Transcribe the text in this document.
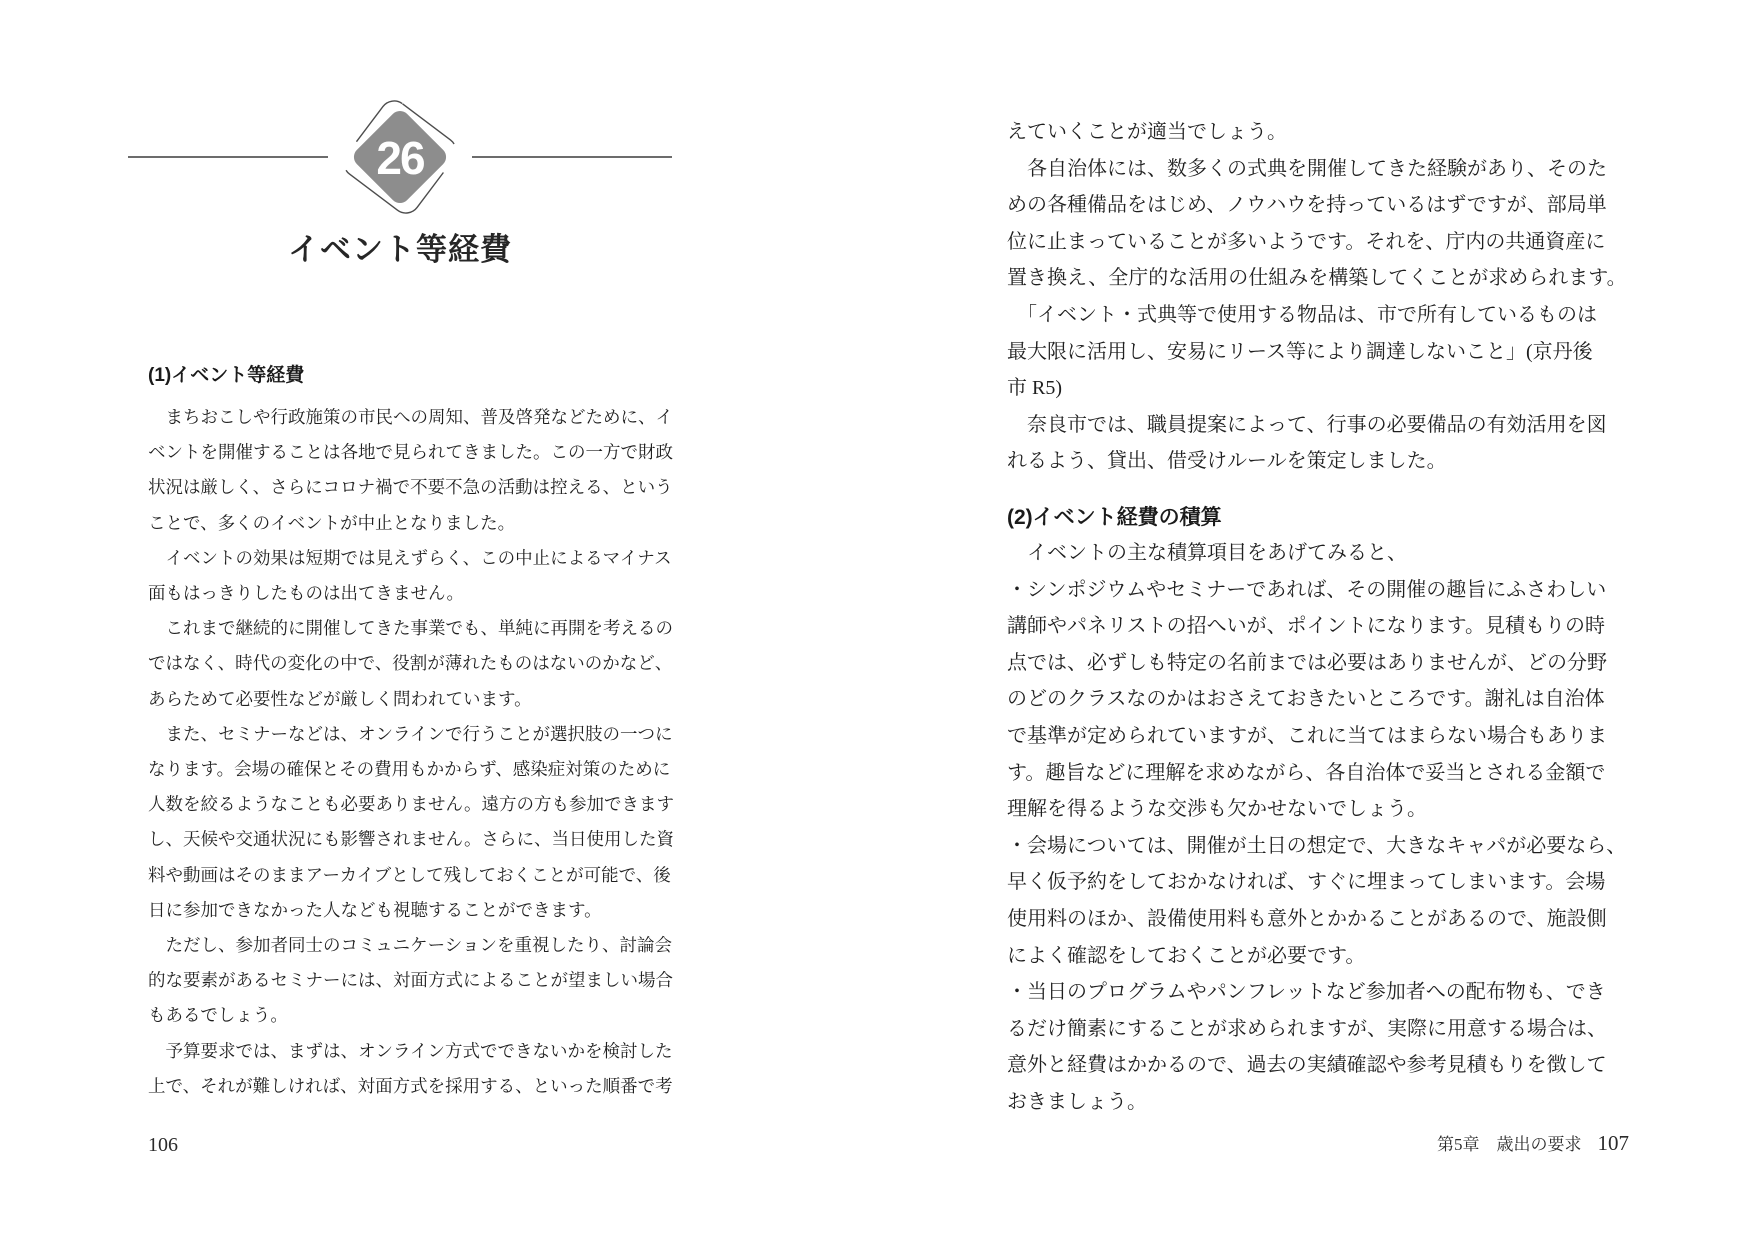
26
イベント等経費
(1)イベント等経費
　まちおこしや行政施策の市民への周知、普及啓発などために、イ
ベントを開催することは各地で見られてきました。この一方で財政
状況は厳しく、さらにコロナ禍で不要不急の活動は控える、という
ことで、多くのイベントが中止となりました。
　イベントの効果は短期では見えずらく、この中止によるマイナス
面もはっきりしたものは出てきません。
　これまで継続的に開催してきた事業でも、単純に再開を考えるの
ではなく、時代の変化の中で、役割が薄れたものはないのかなど、
あらためて必要性などが厳しく問われています。
　また、セミナーなどは、オンラインで行うことが選択肢の一つに
なります。会場の確保とその費用もかからず、感染症対策のために
人数を絞るようなことも必要ありません。遠方の方も参加できます
し、天候や交通状況にも影響されません。さらに、当日使用した資
料や動画はそのままアーカイブとして残しておくことが可能で、後
日に参加できなかった人なども視聴することができます。
　ただし、参加者同士のコミュニケーションを重視したり、討論会
的な要素があるセミナーには、対面方式によることが望ましい場合
もあるでしょう。
　予算要求では、まずは、オンライン方式でできないかを検討した
上で、それが難しければ、対面方式を採用する、といった順番で考
106
えていくことが適当でしょう。
　各自治体には、数多くの式典を開催してきた経験があり、そのた
めの各種備品をはじめ、ノウハウを持っているはずですが、部局単
位に止まっていることが多いようです。それを、庁内の共通資産に
置き換え、全庁的な活用の仕組みを構築してくことが求められます。
　「イベント・式典等で使用する物品は、市で所有しているものは
最大限に活用し、安易にリース等により調達しないこと」(京丹後
市 R5)
　奈良市では、職員提案によって、行事の必要備品の有効活用を図
れるよう、貸出、借受けルールを策定しました。
(2)イベント経費の積算
　イベントの主な積算項目をあげてみると、
・シンポジウムやセミナーであれば、その開催の趣旨にふさわしい
講師やパネリストの招へいが、ポイントになります。見積もりの時
点では、必ずしも特定の名前までは必要はありませんが、どの分野
のどのクラスなのかはおさえておきたいところです。謝礼は自治体
で基準が定められていますが、これに当てはまらない場合もありま
す。趣旨などに理解を求めながら、各自治体で妥当とされる金額で
理解を得るような交渉も欠かせないでしょう。
・会場については、開催が土日の想定で、大きなキャパが必要なら、
早く仮予約をしておかなければ、すぐに埋まってしまいます。会場
使用料のほか、設備使用料も意外とかかることがあるので、施設側
によく確認をしておくことが必要です。
・当日のプログラムやパンフレットなど参加者への配布物も、でき
るだけ簡素にすることが求められますが、実際に用意する場合は、
意外と経費はかかるので、過去の実績確認や参考見積もりを徴して
おきましょう。
第5章　歳出の要求 107
